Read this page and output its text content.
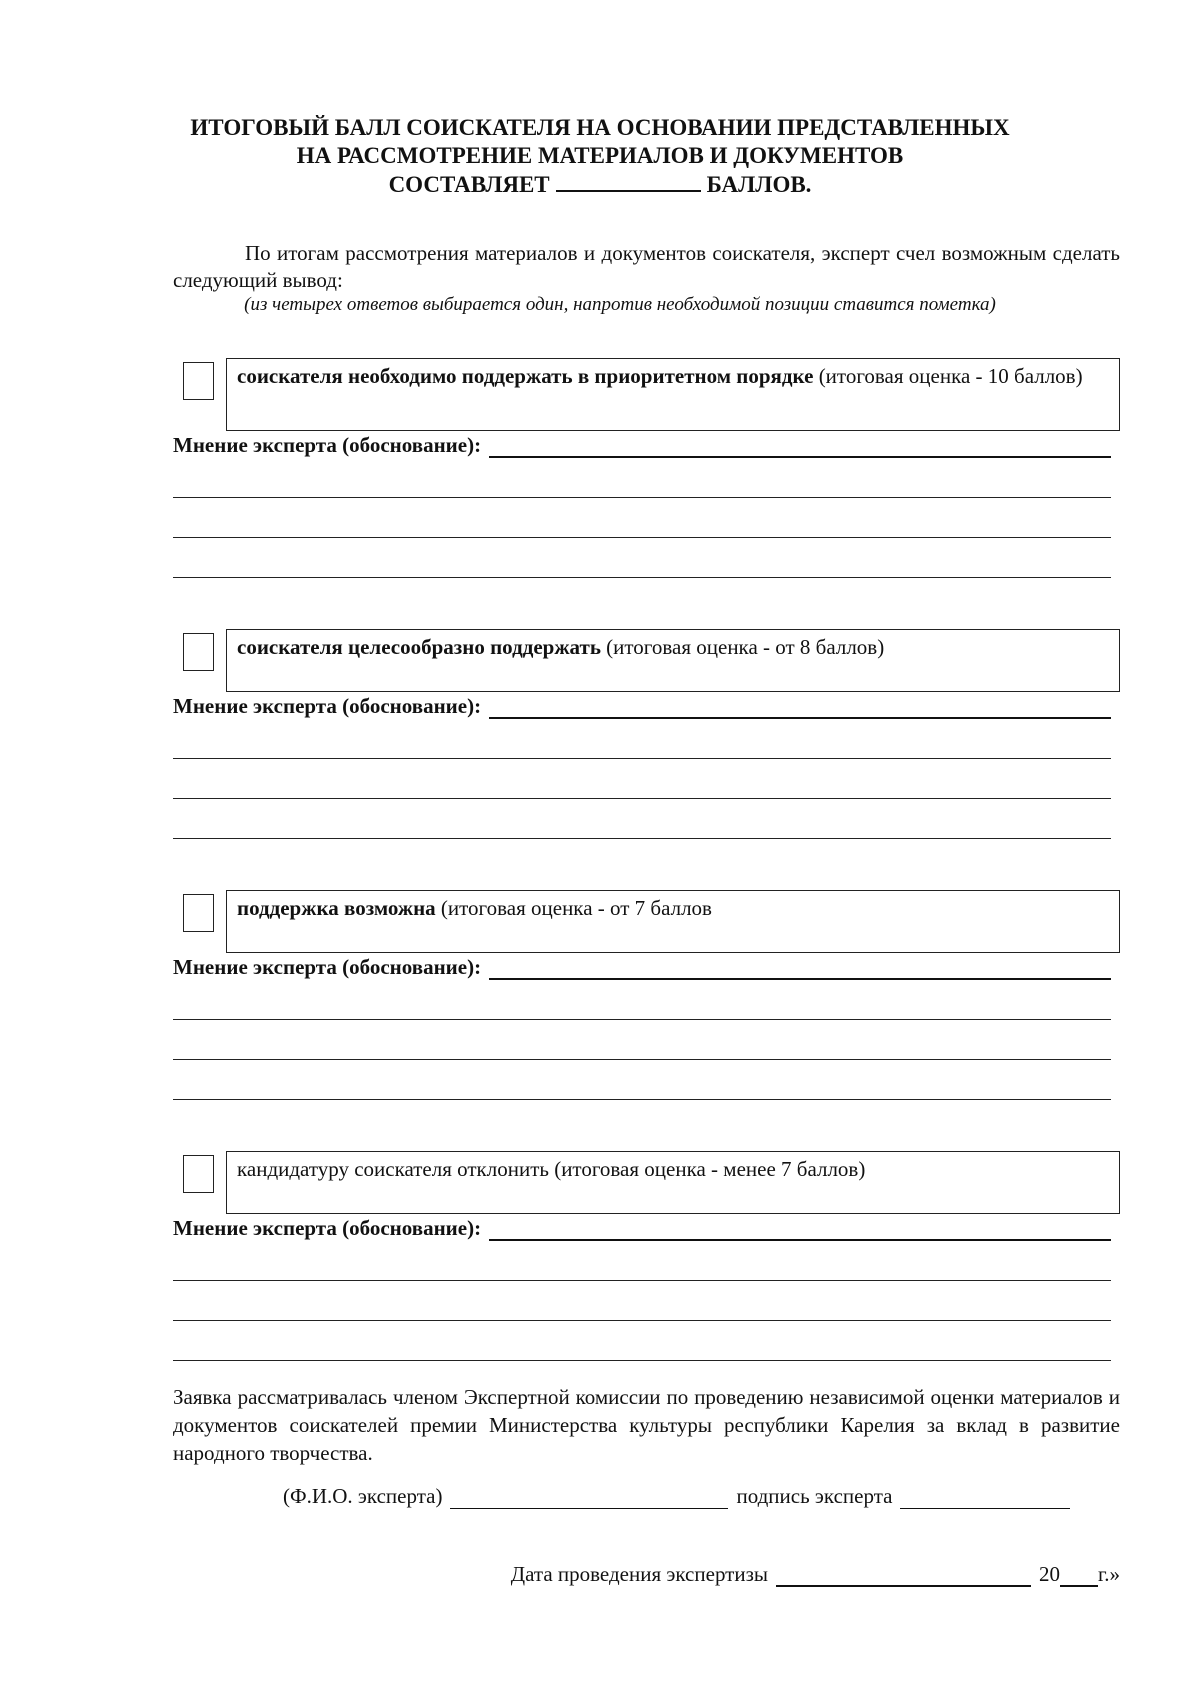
ИТОГОВЫЙ БАЛЛ СОИСКАТЕЛЯ НА ОСНОВАНИИ ПРЕДСТАВЛЕННЫХ
НА РАССМОТРЕНИЕ МАТЕРИАЛОВ И ДОКУМЕНТОВ
СОСТАВЛЯЕТ	БАЛЛОВ.
По итогам рассмотрения материалов и документов соискателя, эксперт счел возможным сделать следующий вывод:
(из четырех ответов выбирается один, напротив необходимой позиции ставится пометка)
соискателя необходимо поддержать в приоритетном порядке (итоговая оценка - 10 баллов)
Мнение эксперта (обоснование):
соискателя целесообразно поддержать (итоговая оценка - от 8 баллов)
Мнение эксперта (обоснование):
поддержка возможна (итоговая оценка - от 7 баллов
Мнение эксперта (обоснование):
кандидатуру соискателя отклонить (итоговая оценка - менее 7 баллов)
Мнение эксперта (обоснование):
Заявка рассматривалась членом Экспертной комиссии по проведению независимой оценки материалов и документов соискателей премии Министерства культуры республики Карелия за вклад в развитие народного творчества.
(Ф.И.О. эксперта)	подпись эксперта
Дата проведения экспертизы	20 г.»
